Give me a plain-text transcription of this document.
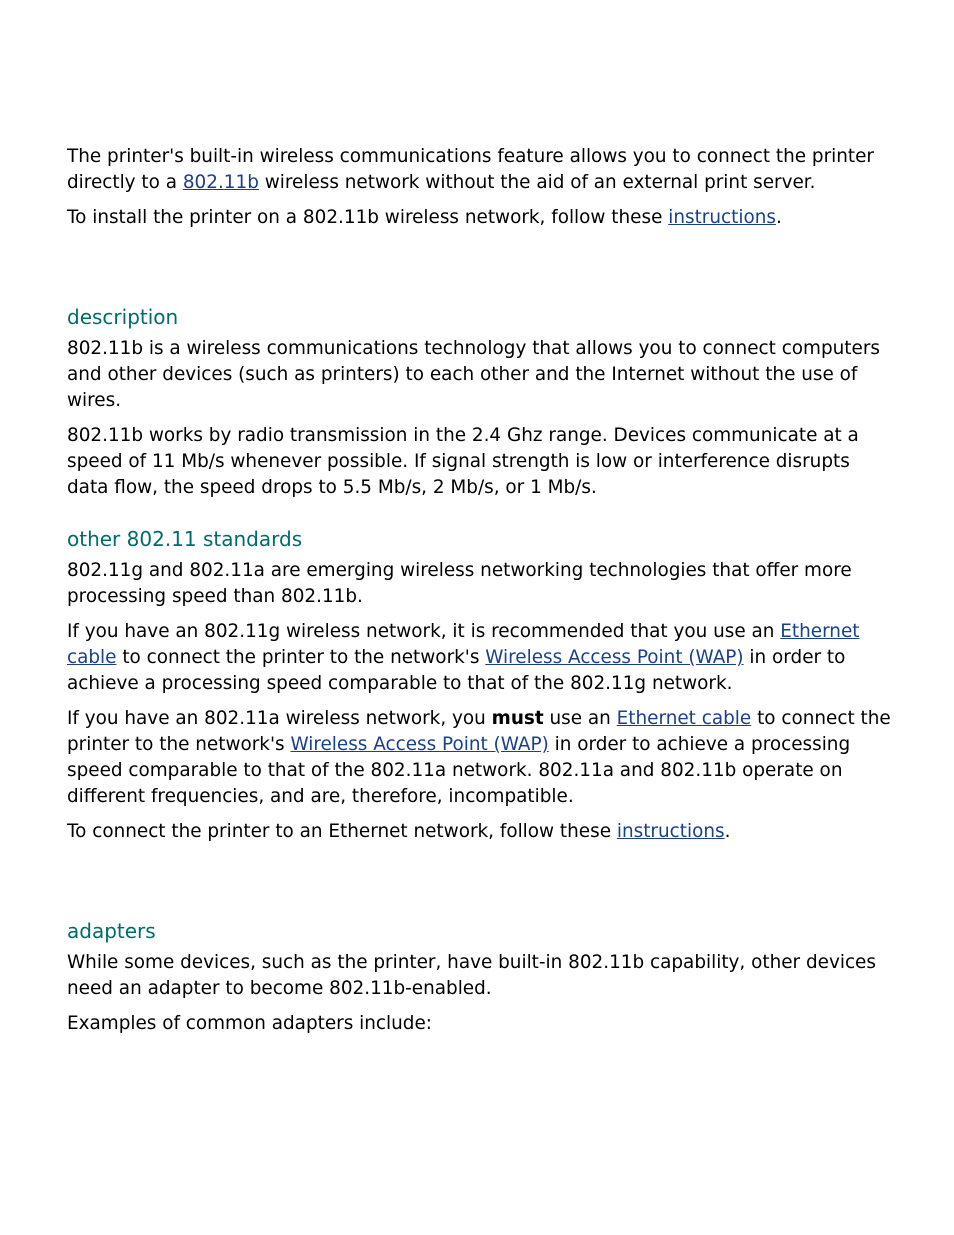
The printer's built-in wireless communications feature allows you to connect the printer directly to a 802.11b wireless network without the aid of an external print server.

To install the printer on a 802.11b wireless network, follow these instructions.

description

802.11b is a wireless communications technology that allows you to connect computers and other devices (such as printers) to each other and the Internet without the use of wires.

802.11b works by radio transmission in the 2.4 Ghz range. Devices communicate at a speed of 11 Mb/s whenever possible. If signal strength is low or interference disrupts data flow, the speed drops to 5.5 Mb/s, 2 Mb/s, or 1 Mb/s.

other 802.11 standards

802.11g and 802.11a are emerging wireless networking technologies that offer more processing speed than 802.11b.

If you have an 802.11g wireless network, it is recommended that you use an Ethernet cable to connect the printer to the network's Wireless Access Point (WAP) in order to achieve a processing speed comparable to that of the 802.11g network.

If you have an 802.11a wireless network, you must use an Ethernet cable to connect the printer to the network's Wireless Access Point (WAP) in order to achieve a processing speed comparable to that of the 802.11a network. 802.11a and 802.11b operate on different frequencies, and are, therefore, incompatible.

To connect the printer to an Ethernet network, follow these instructions.

adapters

While some devices, such as the printer, have built-in 802.11b capability, other devices need an adapter to become 802.11b-enabled.

Examples of common adapters include:
